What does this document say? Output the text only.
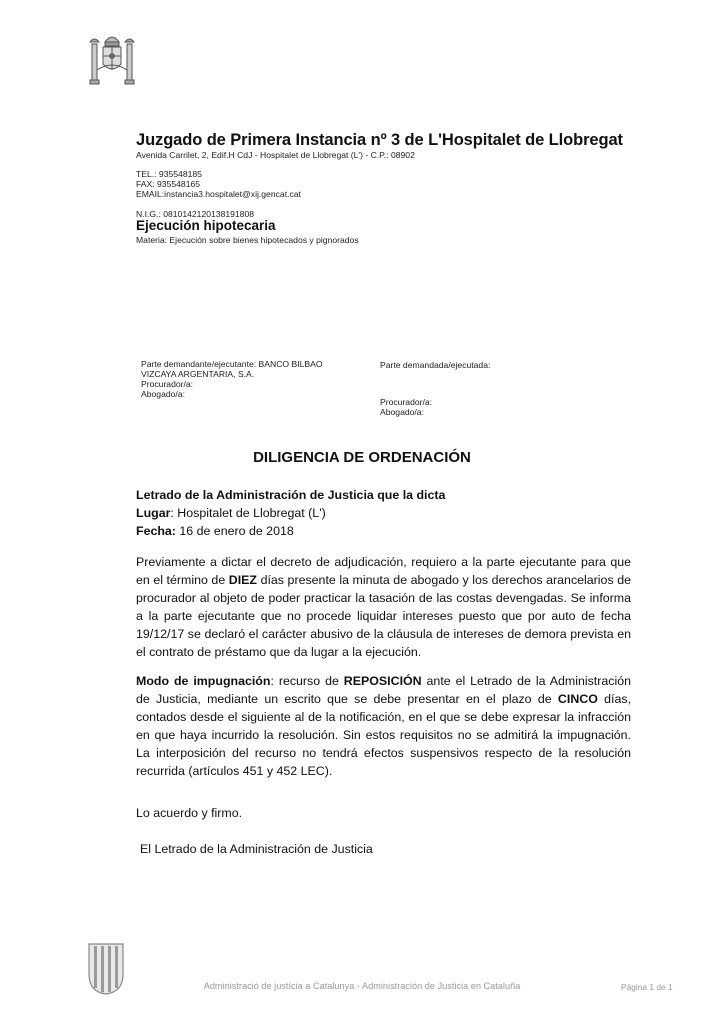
Juzgado de Primera Instancia nº 3 de L'Hospitalet de Llobregat
Avenida Carrilet, 2, Edif.H CdJ - Hospitalet de Llobregat (L') - C.P.: 08902
TEL.: 935548185
FAX: 935548165
EMAIL:instancia3.hospitalet@xij.gencat.cat
N.I.G.: 0810142120138191808
Ejecución hipotecaria
Materia: Ejecución sobre bienes hipotecados y pignorados
Parte demandante/ejecutante: BANCO BILBAO
VIZCAYA ARGENTARIA, S.A.
Procurador/a:
Abogado/a:
Parte demandada/ejecutada:
Procurador/a:
Abogado/a:
DILIGENCIA DE ORDENACIÓN
Letrado de la Administración de Justicia que la dicta
Lugar: Hospitalet de Llobregat (L')
Fecha: 16 de enero de 2018
Previamente a dictar el decreto de adjudicación, requiero a la parte ejecutante para que en el término de DIEZ días presente la minuta de abogado y los derechos arancelarios de procurador al objeto de poder practicar la tasación de las costas devengadas. Se informa a la parte ejecutante que no procede liquidar intereses puesto que por auto de fecha 19/12/17 se declaró el carácter abusivo de la cláusula de intereses de demora prevista en el contrato de préstamo que da lugar a la ejecución.
Modo de impugnación: recurso de REPOSICIÓN ante el Letrado de la Administración de Justicia, mediante un escrito que se debe presentar en el plazo de CINCO días, contados desde el siguiente al de la notificación, en el que se debe expresar la infracción en que haya incurrido la resolución. Sin estos requisitos no se admitirá la impugnación. La interposición del recurso no tendrá efectos suspensivos respecto de la resolución recurrida (artículos 451 y 452 LEC).
Lo acuerdo y firmo.
El Letrado de la Administración de Justicia
Administració de justícia a Catalunya · Administración de Justicia en Cataluña	Página 1 de 1
